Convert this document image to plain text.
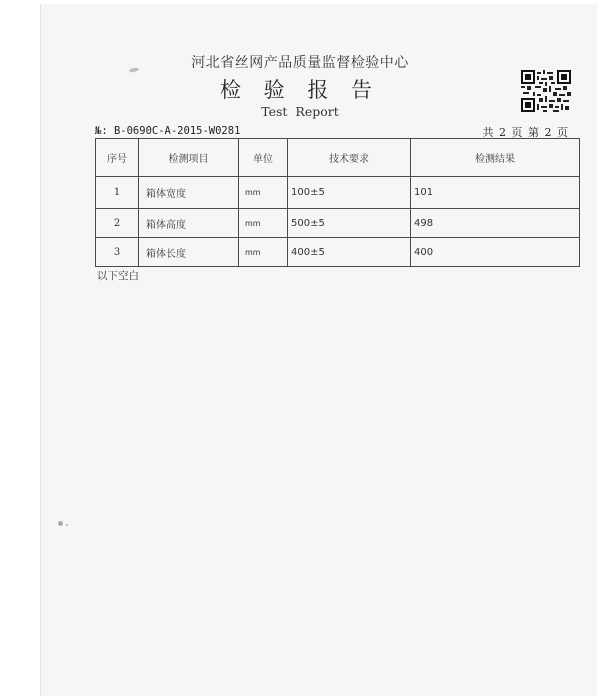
河北省丝网产品质量监督检验中心
检 验 报 告
Test Report
№: B-0690C-A-2015-W0281	共 2 页 第 2 页
序号	检测项目	单位	技术要求	检测结果
1	箱体宽度	mm	100±5	101
2	箱体高度	mm	500±5	498
3	箱体长度	mm	400±5	400
以下空白
